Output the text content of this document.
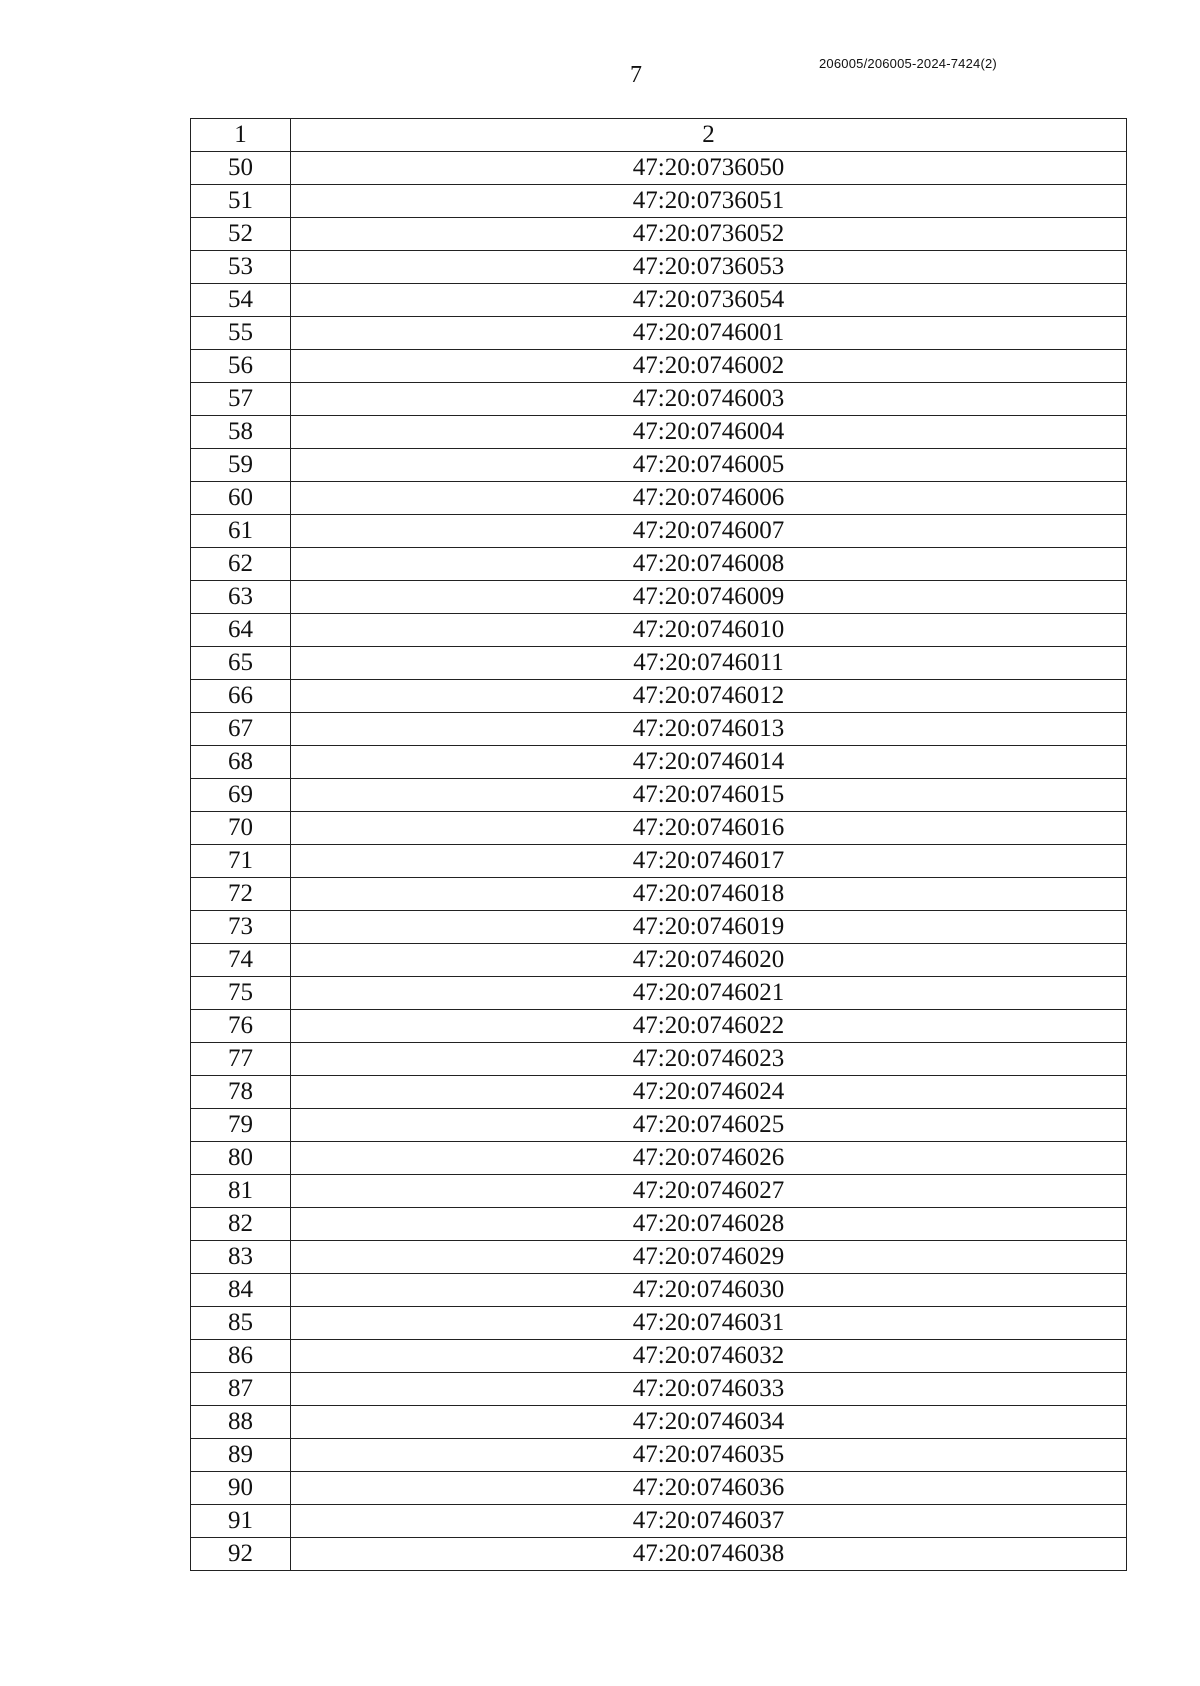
7	206005/206005-2024-7424(2)
1	2
50	47:20:0736050
51	47:20:0736051
52	47:20:0736052
53	47:20:0736053
54	47:20:0736054
55	47:20:0746001
56	47:20:0746002
57	47:20:0746003
58	47:20:0746004
59	47:20:0746005
60	47:20:0746006
61	47:20:0746007
62	47:20:0746008
63	47:20:0746009
64	47:20:0746010
65	47:20:0746011
66	47:20:0746012
67	47:20:0746013
68	47:20:0746014
69	47:20:0746015
70	47:20:0746016
71	47:20:0746017
72	47:20:0746018
73	47:20:0746019
74	47:20:0746020
75	47:20:0746021
76	47:20:0746022
77	47:20:0746023
78	47:20:0746024
79	47:20:0746025
80	47:20:0746026
81	47:20:0746027
82	47:20:0746028
83	47:20:0746029
84	47:20:0746030
85	47:20:0746031
86	47:20:0746032
87	47:20:0746033
88	47:20:0746034
89	47:20:0746035
90	47:20:0746036
91	47:20:0746037
92	47:20:0746038
